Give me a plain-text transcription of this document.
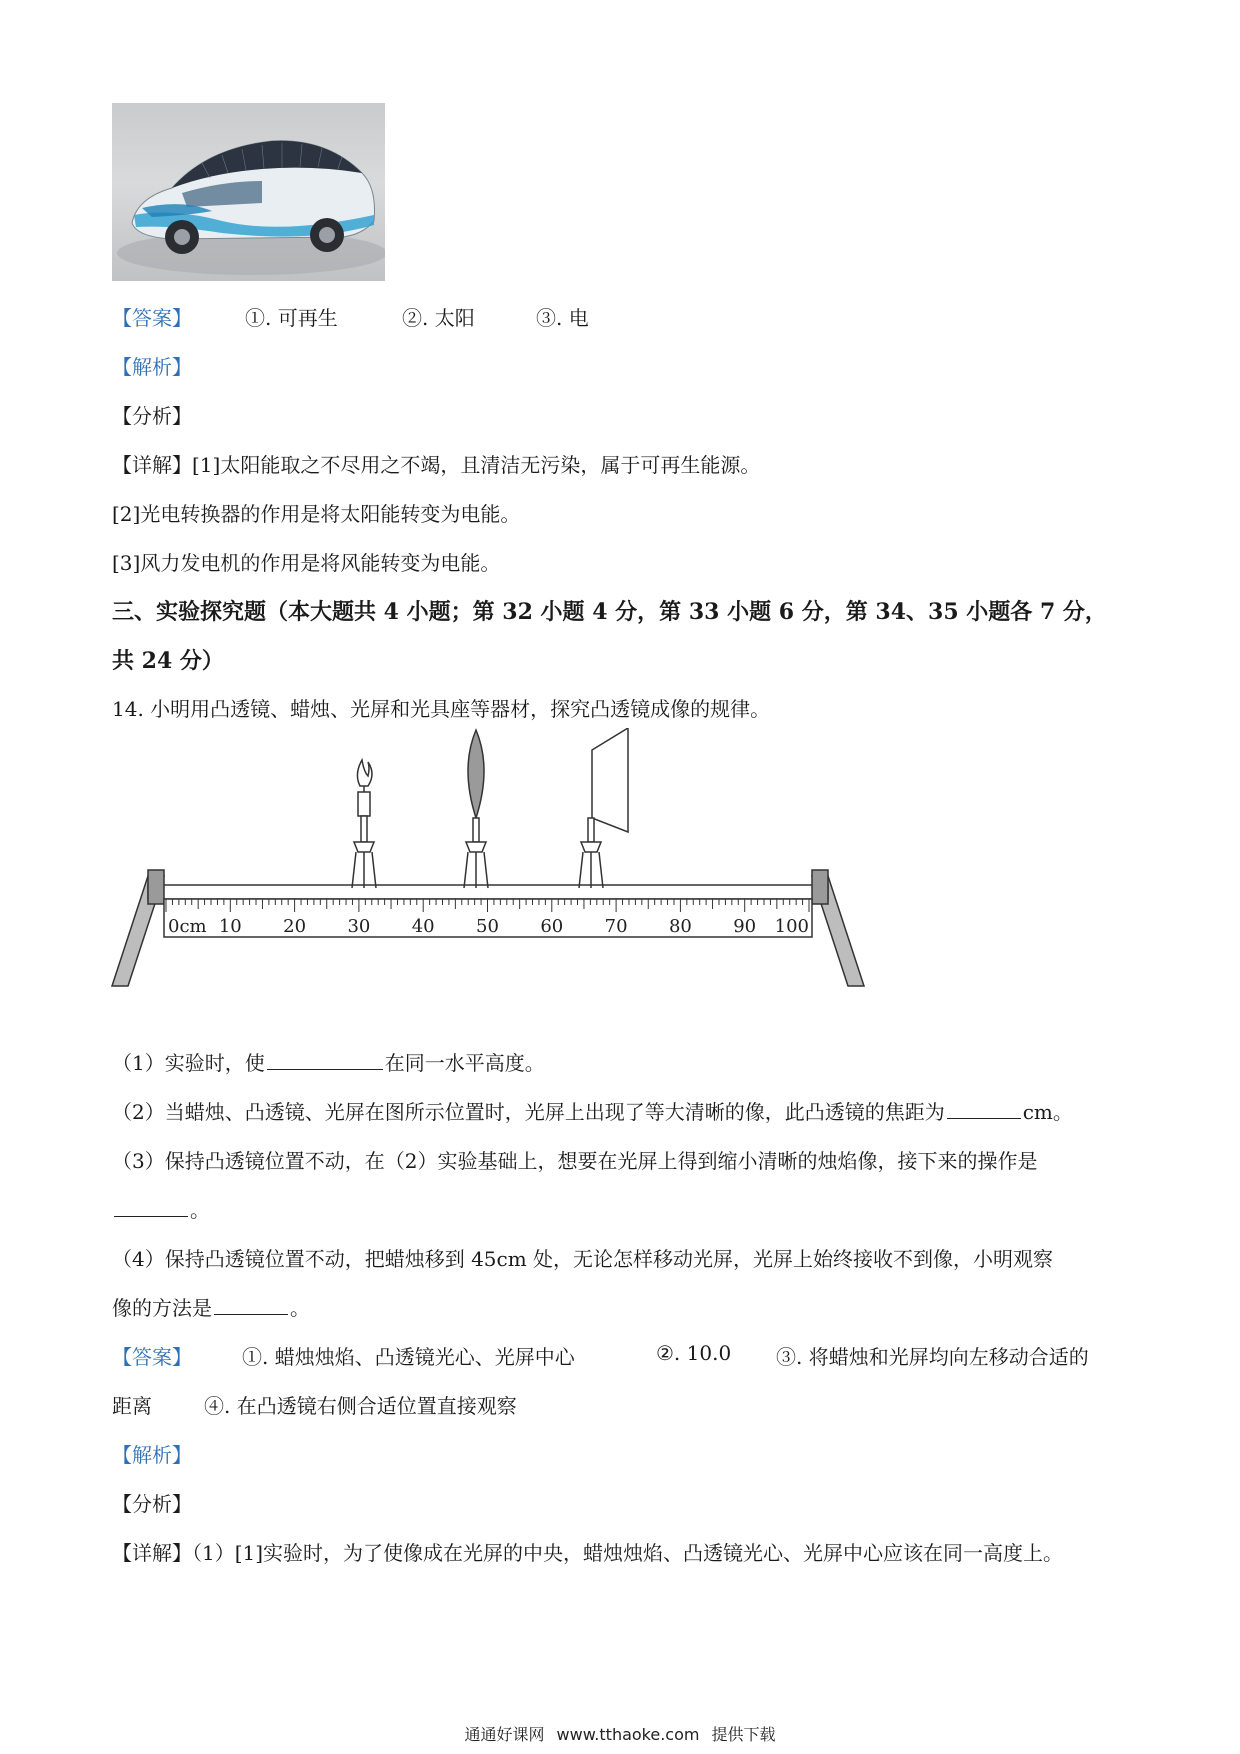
【答案】	①. 可再生	②. 太阳	③. 电
【解析】
【分析】
【详解】[1]太阳能取之不尽用之不竭，且清洁无污染，属于可再生能源。
[2]光电转换器的作用是将太阳能转变为电能。
[3]风力发电机的作用是将风能转变为电能。
三、实验探究题（本大题共 4 小题；第 32 小题 4 分，第 33 小题 6 分，第 34、35 小题各 7 分，
共 24 分）
14. 小明用凸透镜、蜡烛、光屏和光具座等器材，探究凸透镜成像的规律。
0cm 10 20 30 40 50 60 70 80 90 100
（1）实验时，使	在同一水平高度。
（2）当蜡烛、凸透镜、光屏在图所示位置时，光屏上出现了等大清晰的像，此凸透镜的焦距为	cm。
（3）保持凸透镜位置不动，在（2）实验基础上，想要在光屏上得到缩小清晰的烛焰像，接下来的操作是
。
（4）保持凸透镜位置不动，把蜡烛移到 45cm 处，无论怎样移动光屏，光屏上始终接收不到像，小明观察
像的方法是	。
【答案】	①. 蜡烛烛焰、凸透镜光心、光屏中心	②. 10.0 ③. 将蜡烛和光屏均向左移动合适的
距离	④. 在凸透镜右侧合适位置直接观察
【解析】
【分析】
【详解】（1）[1]实验时，为了使像成在光屏的中央，蜡烛烛焰、凸透镜光心、光屏中心应该在同一高度上。
通通好课网 www.tthaoke.com 提供下载
